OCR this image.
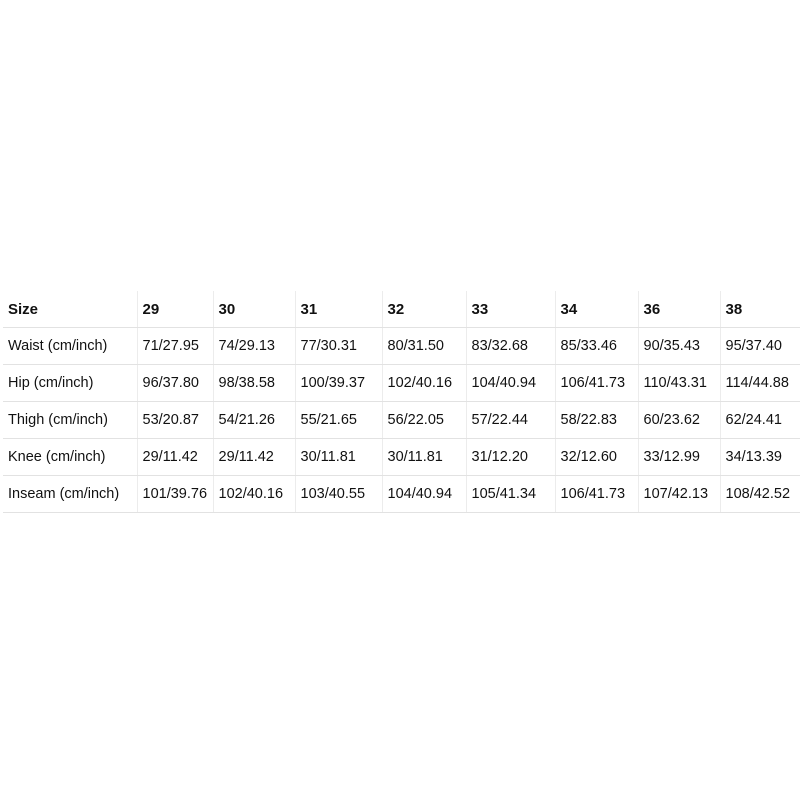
Size	29	30	31	32	33	34	36	38
Waist (cm/inch)	71/27.95	74/29.13	77/30.31	80/31.50	83/32.68	85/33.46	90/35.43	95/37.40
Hip (cm/inch)	96/37.80	98/38.58	100/39.37	102/40.16	104/40.94	106/41.73	110/43.31	114/44.88
Thigh (cm/inch)	53/20.87	54/21.26	55/21.65	56/22.05	57/22.44	58/22.83	60/23.62	62/24.41
Knee (cm/inch)	29/11.42	29/11.42	30/11.81	30/11.81	31/12.20	32/12.60	33/12.99	34/13.39
Inseam (cm/inch)	101/39.76	102/40.16	103/40.55	104/40.94	105/41.34	106/41.73	107/42.13	108/42.52
